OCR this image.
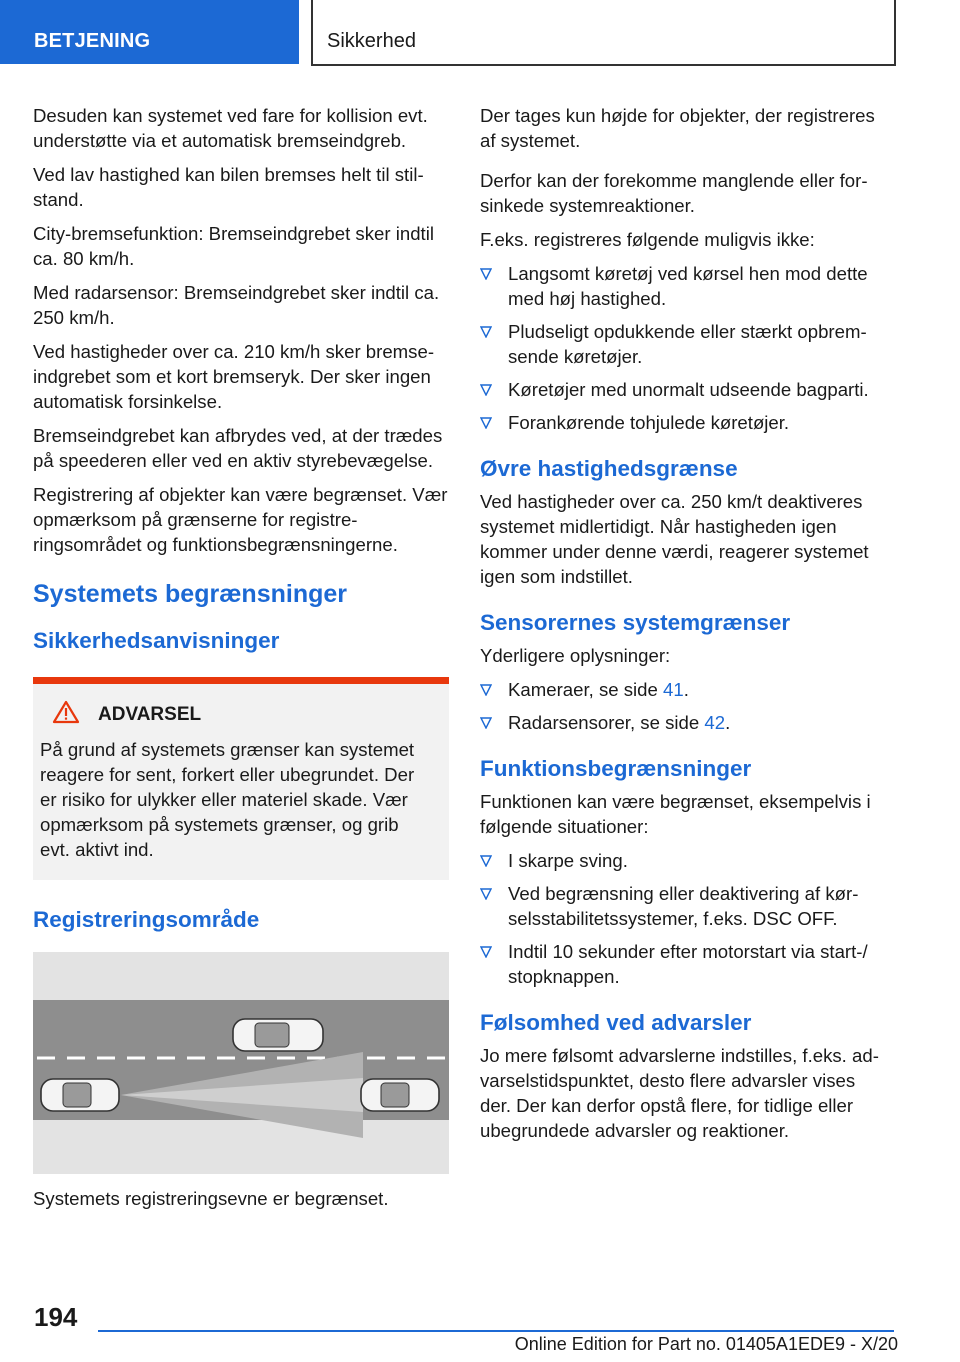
BETJENING	Sikkerhed

Desuden kan systemet ved fare for kollision evt. understøtte via et automatisk bremseindgreb.

Ved lav hastighed kan bilen bremses helt til stilstand.

City-bremsefunktion: Bremseindgrebet sker indtil ca. 80 km/h.

Med radarsensor: Bremseindgrebet sker indtil ca. 250 km/h.

Ved hastigheder over ca. 210 km/h sker bremseindgrebet som et kort bremseryk. Der sker ingen automatisk forsinkelse.

Bremseindgrebet kan afbrydes ved, at der trædes på speederen eller ved en aktiv styrebevægelse.

Registrering af objekter kan være begrænset. Vær opmærksom på grænserne for registreringsområdet og funktionsbegrænsningerne.

Systemets begrænsninger
Sikkerhedsanvisninger
ADVARSEL
På grund af systemets grænser kan systemet reagere for sent, forkert eller ubegrundet. Der er risiko for ulykker eller materiel skade. Vær opmærksom på systemets grænser, og grib evt. aktivt ind.
Registreringsområde

Systemets registreringsevne er begrænset.

Der tages kun højde for objekter, der registreres af systemet.

Derfor kan der forekomme manglende eller forsinkede systemreaktioner.

F.eks. registreres følgende muligvis ikke:

Langsomt køretøj ved kørsel hen mod dette med høj hastighed.
Pludseligt opdukkende eller stærkt opbremsende køretøjer.
Køretøjer med unormalt udseende bagparti.
Forankørende tohjulede køretøjer.
Øvre hastighedsgrænse

Ved hastigheder over ca. 250 km/t deaktiveres systemet midlertidigt. Når hastigheden igen kommer under denne værdi, reagerer systemet igen som indstillet.

Sensorernes systemgrænser

Yderligere oplysninger:

Kameraer, se side 41.
Radarsensorer, se side 42.
Funktionsbegrænsninger

Funktionen kan være begrænset, eksempelvis i følgende situationer:

I skarpe sving.
Ved begrænsning eller deaktivering af kørselsstabilitetssystemer, f.eks. DSC OFF.
Indtil 10 sekunder efter motorstart via start-/ stopknappen.
Følsomhed ved advarsler

Jo mere følsomt advarslerne indstilles, f.eks. advarselstidspunktet, desto flere advarsler vises der. Der kan derfor opstå flere, for tidlige eller ubegrundede advarsler og reaktioner.

194
Online Edition for Part no. 01405A1EDE9 - X/20
